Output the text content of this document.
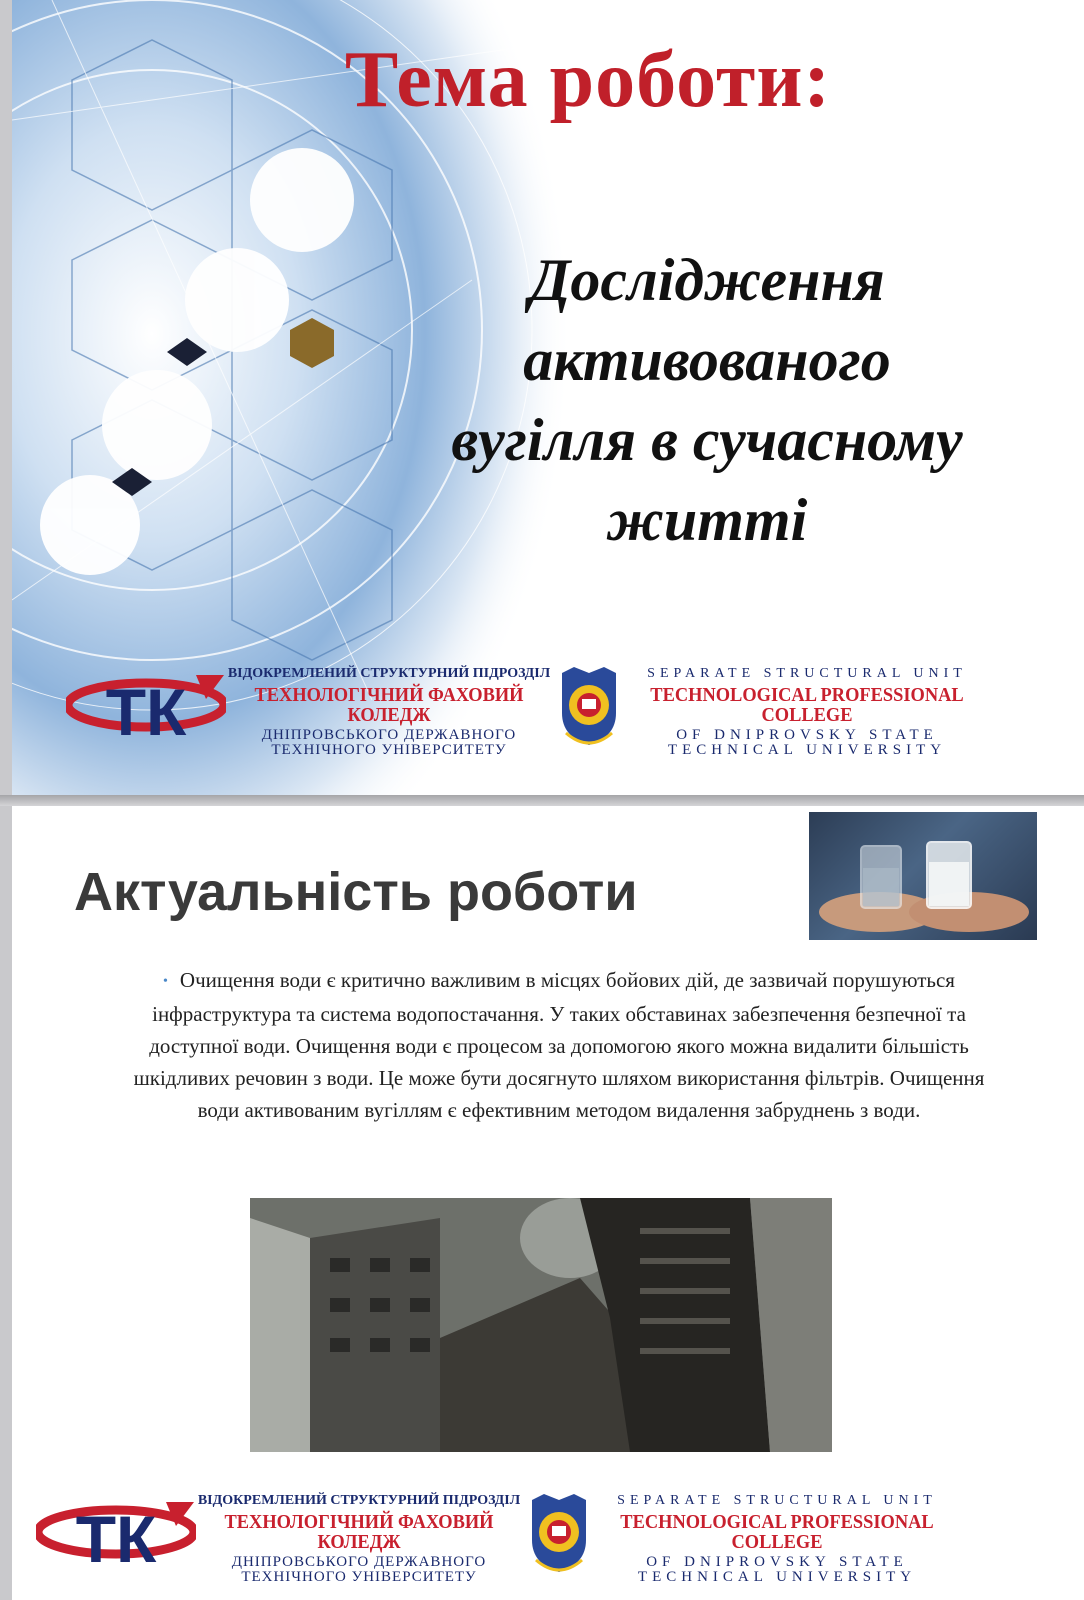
Тема роботи:

Дослідження
активованого
вугілля в сучасному
житті

ТК
ВІДОКРЕМЛЕНИЙ СТРУКТУРНИЙ ПІДРОЗДІЛ
ТЕХНОЛОГІЧНИЙ ФАХОВИЙ КОЛЕДЖ
ДНІПРОВСЬКОГО ДЕРЖАВНОГО
ТЕХНІЧНОГО УНІВЕРСИТЕТУ
SEPARATE STRUCTURAL UNIT
TECHNOLOGICAL PROFESSIONAL COLLEGE
OF DNIPROVSKY STATE
TECHNICAL UNIVERSITY
Актуальність роботи

• Очищення води є критично важливим в місцях бойових дій, де зазвичай порушуються інфраструктура та система водопостачання. У таких обставинах забезпечення безпечної та доступної води. Очищення води є процесом за допомогою якого можна видалити більшість шкідливих речовин з води. Це може бути досягнуто шляхом використання фільтрів. Очищення води активованим вугіллям є ефективним методом видалення забруднень з води.

ТК
ВІДОКРЕМЛЕНИЙ СТРУКТУРНИЙ ПІДРОЗДІЛ
ТЕХНОЛОГІЧНИЙ ФАХОВИЙ КОЛЕДЖ
ДНІПРОВСЬКОГО ДЕРЖАВНОГО
ТЕХНІЧНОГО УНІВЕРСИТЕТУ
SEPARATE STRUCTURAL UNIT
TECHNOLOGICAL PROFESSIONAL COLLEGE
OF DNIPROVSKY STATE
TECHNICAL UNIVERSITY
